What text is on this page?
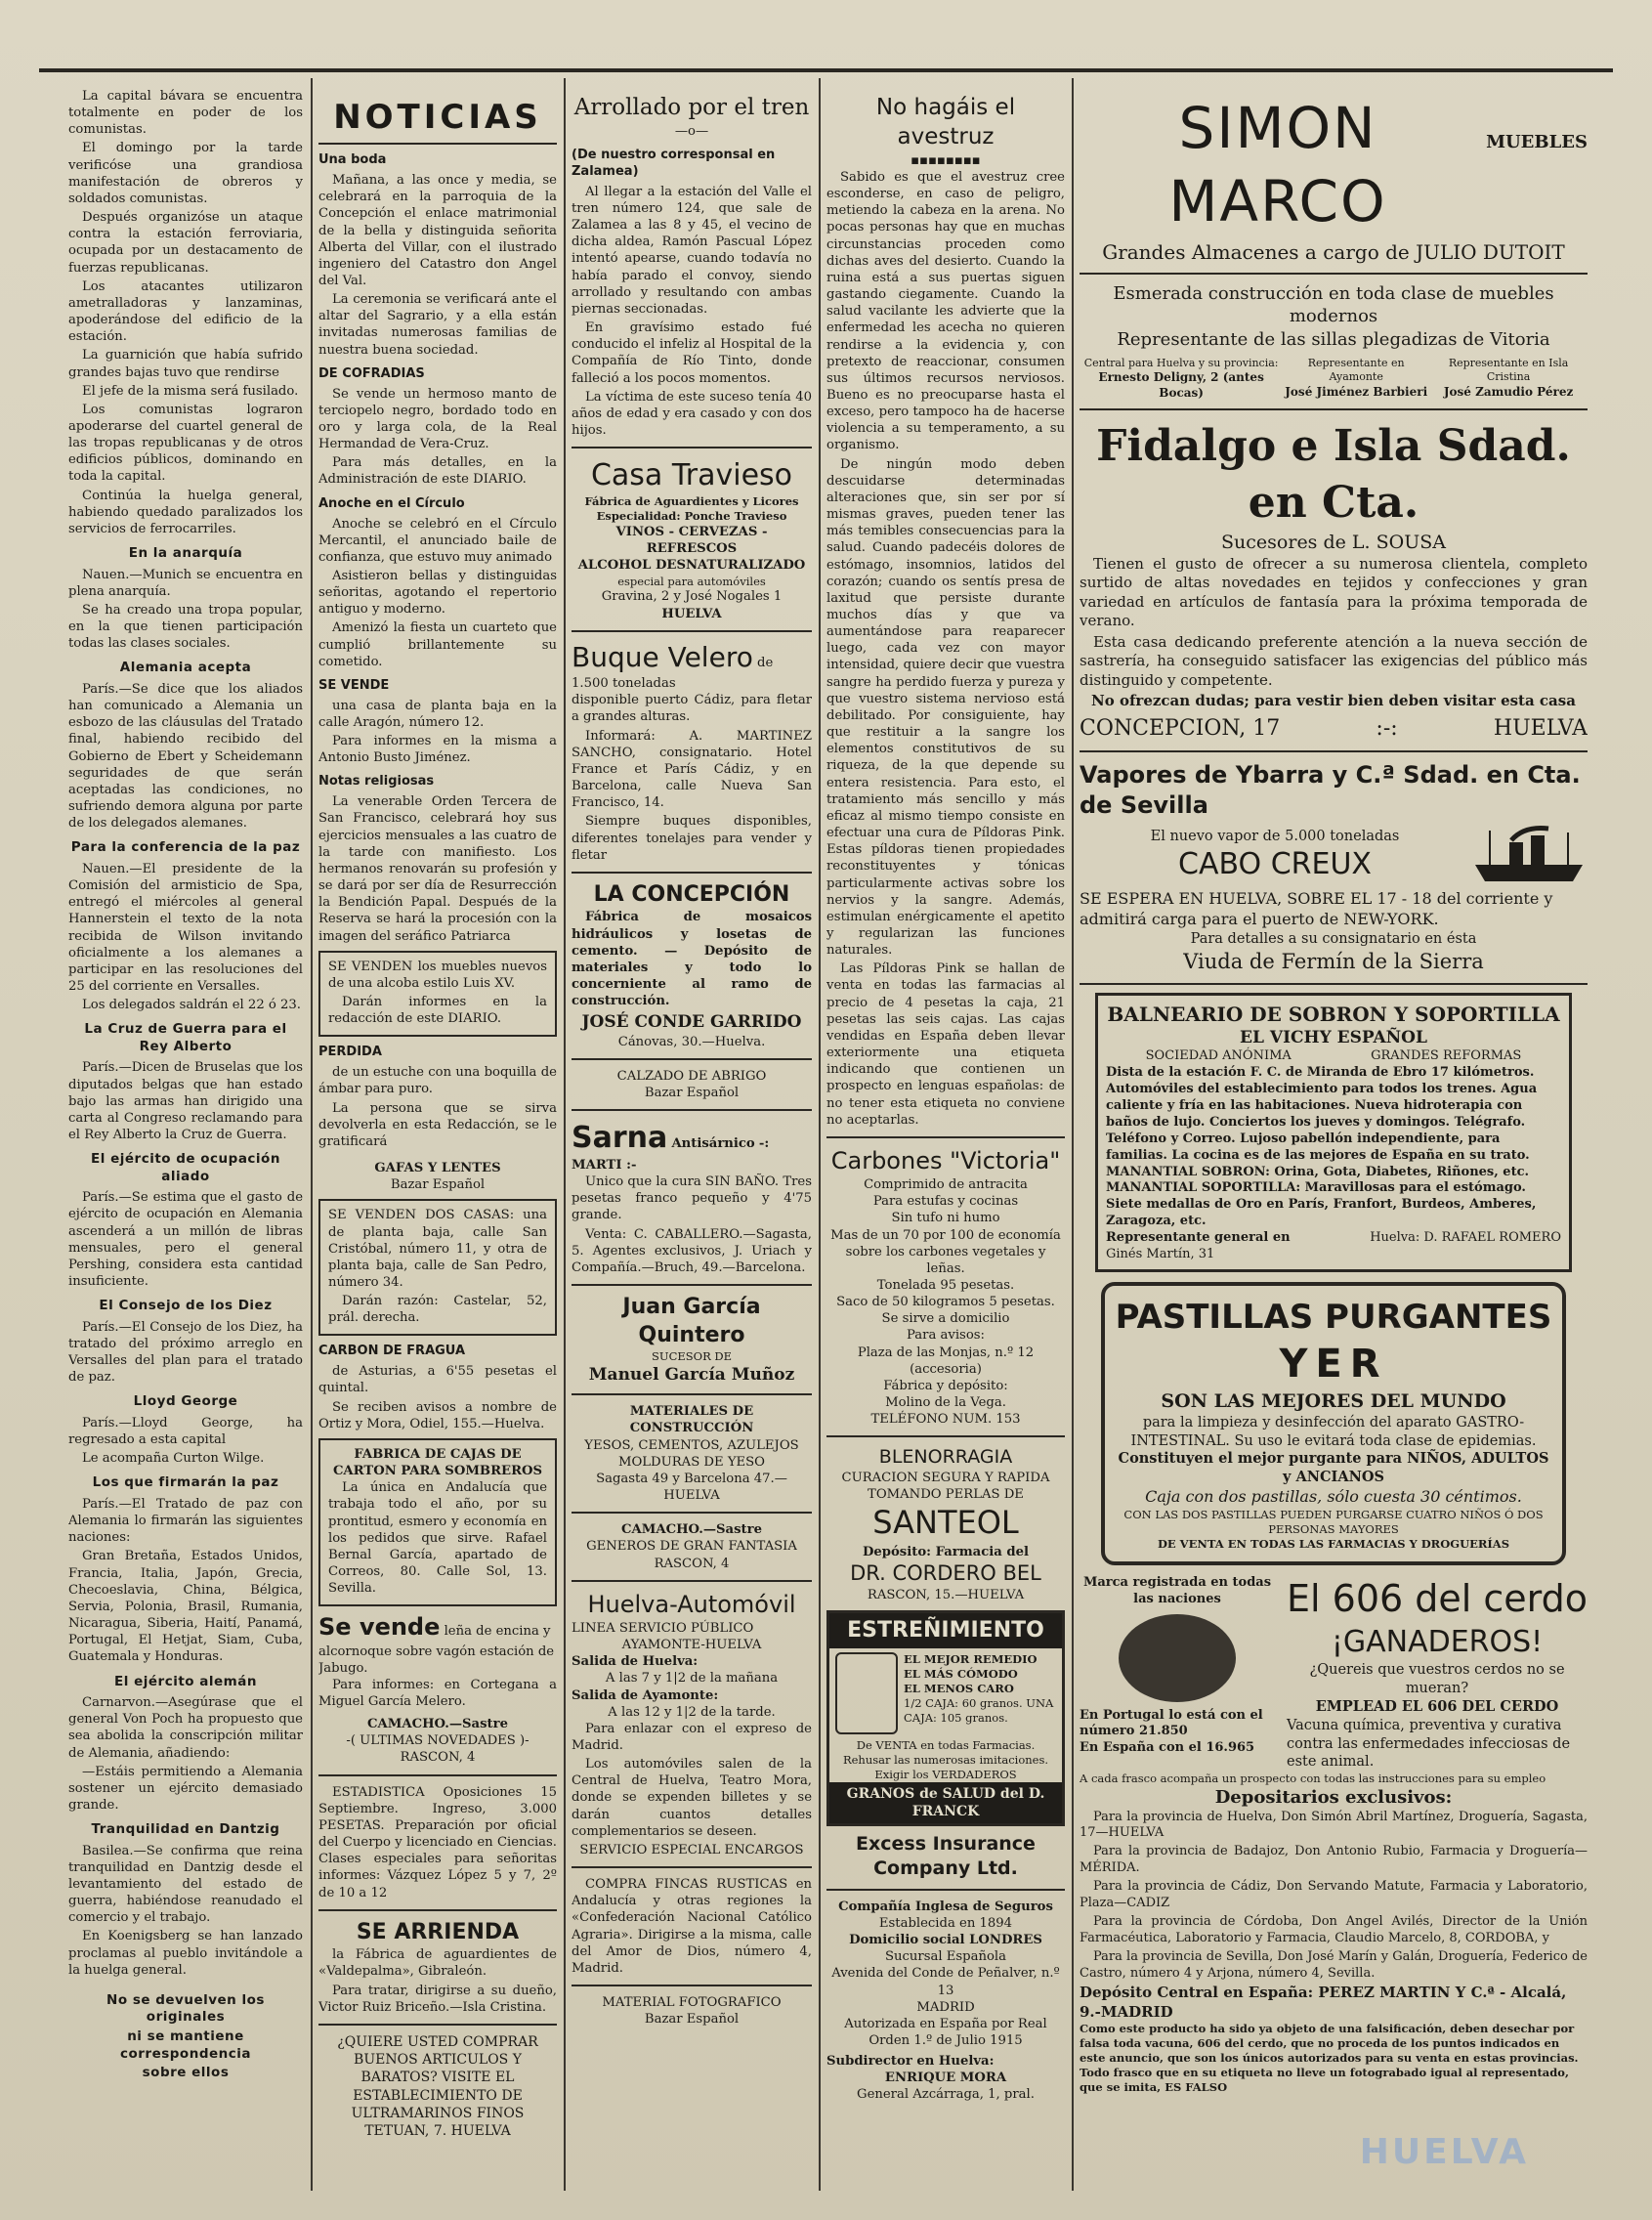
La capital bávara se encuentra totalmente en poder de los comunistas.

El domingo por la tarde verificóse una grandiosa manifestación de obreros y soldados comunistas.

Después organizóse un ataque contra la estación ferroviaria, ocupada por un destacamento de fuerzas republicanas.

Los atacantes utilizaron ametralladoras y lanzaminas, apoderándose del edificio de la estación.

La guarnición que había sufrido grandes bajas tuvo que rendirse

El jefe de la misma será fusilado.

Los comunistas lograron apoderarse del cuartel general de las tropas republicanas y de otros edificios públicos, dominando en toda la capital.

Continúa la huelga general, habiendo quedado paralizados los servicios de ferrocarriles.

En la anarquía

Nauen.—Munich se encuentra en plena anarquía.

Se ha creado una tropa popular, en la que tienen participación todas las clases sociales.

Alemania acepta

París.—Se dice que los aliados han comunicado a Alemania un esbozo de las cláusulas del Tratado final, habiendo recibido del Gobierno de Ebert y Scheidemann seguridades de que serán aceptadas las condiciones, no sufriendo demora alguna por parte de los delegados alemanes.

Para la conferencia de la paz

Nauen.—El presidente de la Comisión del armisticio de Spa, entregó el miércoles al general Hannerstein el texto de la nota recibida de Wilson invitando oficialmente a los alemanes a participar en las resoluciones del 25 del corriente en Versalles.

Los delegados saldrán el 22 ó 23.

La Cruz de Guerra para el Rey Alberto

París.—Dicen de Bruselas que los diputados belgas que han estado bajo las armas han dirigido una carta al Congreso reclamando para el Rey Alberto la Cruz de Guerra.

El ejército de ocupación aliado

París.—Se estima que el gasto de ejército de ocupación en Alemania ascenderá a un millón de libras mensuales, pero el general Pershing, considera esta cantidad insuficiente.

El Consejo de los Diez

París.—El Consejo de los Diez, ha tratado del próximo arreglo en Versalles del plan para el tratado de paz.

Lloyd George

París.—Lloyd George, ha regresado a esta capital

Le acompaña Curton Wilge.

Los que firmarán la paz

París.—El Tratado de paz con Alemania lo firmarán las siguientes naciones:

Gran Bretaña, Estados Unidos, Francia, Italia, Japón, Grecia, Checoeslavia, China, Bélgica, Servia, Polonia, Brasil, Rumania, Nicaragua, Siberia, Haití, Panamá, Portugal, El Hetjat, Siam, Cuba, Guatemala y Honduras.

El ejército alemán

Carnarvon.—Asegúrase que el general Von Poch ha propuesto que sea abolida la conscripción militar de Alemania, añadiendo:

—Estáis permitiendo a Alemania sostener un ejército demasiado grande.

Tranquilidad en Dantzig

Basilea.—Se confirma que reina tranquilidad en Dantzig desde el levantamiento del estado de guerra, habiéndose reanudado el comercio y el trabajo.

En Koenigsberg se han lanzado proclamas al pueblo invitándole a la huelga general.

No se devuelven los originales
ni se mantiene correspondencia
sobre ellos
NOTICIAS
Una boda

Mañana, a las once y media, se celebrará en la parroquia de la Concepción el enlace matrimonial de la bella y distinguida señorita Alberta del Villar, con el ilustrado ingeniero del Catastro don Angel del Val.

La ceremonia se verificará ante el altar del Sagrario, y a ella están invitadas numerosas familias de nuestra buena sociedad.

DE COFRADIAS

Se vende un hermoso manto de terciopelo negro, bordado todo en oro y larga cola, de la Real Hermandad de Vera-Cruz.

Para más detalles, en la Administración de este DIARIO.

Anoche en el Círculo

Anoche se celebró en el Círculo Mercantil, el anunciado baile de confianza, que estuvo muy animado

Asistieron bellas y distinguidas señoritas, agotando el repertorio antiguo y moderno.

Amenizó la fiesta un cuarteto que cumplió brillantemente su cometido.

SE VENDE

una casa de planta baja en la calle Aragón, número 12.

Para informes en la misma a Antonio Busto Jiménez.

Notas religiosas

La venerable Orden Tercera de San Francisco, celebrará hoy sus ejercicios mensuales a las cuatro de la tarde con manifiesto. Los hermanos renovarán su profesión y se dará por ser día de Resurrección la Bendición Papal. Después de la Reserva se hará la procesión con la imagen del seráfico Patriarca

SE VENDEN los muebles nuevos de una alcoba estilo Luis XV.

Darán informes en la redacción de este DIARIO.

PERDIDA

de un estuche con una boquilla de ámbar para puro.

La persona que se sirva devolverla en esta Redacción, se le gratificará

GAFAS Y LENTES
Bazar Español

SE VENDEN DOS CASAS: una de planta baja, calle San Cristóbal, número 11, y otra de planta baja, calle de San Pedro, número 34.

Darán razón: Castelar, 52, prál. derecha.

CARBON DE FRAGUA

de Asturias, a 6'55 pesetas el quintal.

Se reciben avisos a nombre de Ortiz y Mora, Odiel, 155.—Huelva.

FABRICA DE CAJAS DE CARTON PARA SOMBREROS

La única en Andalucía que trabaja todo el año, por su prontitud, esmero y economía en los pedidos que sirve. Rafael Bernal García, apartado de Correos, 80. Calle Sol, 13. Sevilla.

Se vende leña de encina y alcornoque sobre vagón estación de Jabugo.

Para informes: en Cortegana a Miguel García Melero.

CAMACHO.—Sastre
-( ULTIMAS NOVEDADES )-
RASCON, 4

ESTADISTICA Oposiciones 15 Septiembre. Ingreso, 3.000 PESETAS. Preparación por oficial del Cuerpo y licenciado en Ciencias. Clases especiales para señoritas informes: Vázquez López 5 y 7, 2º de 10 a 12

SE ARRIENDA

la Fábrica de aguardientes de «Valdepalma», Gibraleón.

Para tratar, dirigirse a su dueño, Victor Ruiz Briceño.—Isla Cristina.

¿QUIERE USTED COMPRAR BUENOS ARTICULOS Y BARATOS? VISITE EL ESTABLECIMIENTO DE ULTRAMARINOS FINOS TETUAN, 7. HUELVA
Arrollado por el tren
—o—
(De nuestro corresponsal en Zalamea)

Al llegar a la estación del Valle el tren número 124, que sale de Zalamea a las 8 y 45, el vecino de dicha aldea, Ramón Pascual López intentó apearse, cuando todavía no había parado el convoy, siendo arrollado y resultando con ambas piernas seccionadas.

En gravísimo estado fué conducido el infeliz al Hospital de la Compañía de Río Tinto, donde falleció a los pocos momentos.

La víctima de este suceso tenía 40 años de edad y era casado y con dos hijos.

Casa Travieso
Fábrica de Aguardientes y Licores
Especialidad: Ponche Travieso
VINOS - CERVEZAS - REFRESCOS
ALCOHOL DESNATURALIZADO
especial para automóviles
Gravina, 2 y José Nogales 1
HUELVA
Buque Velero de 1.500 toneladas

disponible puerto Cádiz, para fletar a grandes alturas.

Informará: A. MARTINEZ SANCHO, consignatario. Hotel France et París Cádiz, y en Barcelona, calle Nueva San Francisco, 14.

Siempre buques disponibles, diferentes tonelajes para vender y fletar

LA CONCEPCIÓN

Fábrica de mosaicos hidráulicos y losetas de cemento. — Depósito de materiales y todo lo concerniente al ramo de construcción.

JOSÉ CONDE GARRIDO
Cánovas, 30.—Huelva.
CALZADO DE ABRIGO
Bazar Español
Sarna Antisárnico -: MARTI :-

Unico que la cura SIN BAÑO. Tres pesetas franco pequeño y 4'75 grande.

Venta: C. CABALLERO.—Sagasta, 5. Agentes exclusivos, J. Uriach y Compañía.—Bruch, 49.—Barcelona.

Juan García Quintero
SUCESOR DE
Manuel García Muñoz
MATERIALES DE CONSTRUCCIÓN
YESOS, CEMENTOS, AZULEJOS
MOLDURAS DE YESO
Sagasta 49 y Barcelona 47.—HUELVA
CAMACHO.—Sastre
GENEROS DE GRAN FANTASIA
RASCON, 4
Huelva-Automóvil
LINEA SERVICIO PÚBLICO
AYAMONTE-HUELVA
Salida de Huelva:
A las 7 y 1|2 de la mañana
Salida de Ayamonte:
A las 12 y 1|2 de la tarde.

Para enlazar con el expreso de Madrid.

Los automóviles salen de la Central de Huelva, Teatro Mora, donde se expenden billetes y se darán cuantos detalles complementarios se deseen.

SERVICIO ESPECIAL ENCARGOS

COMPRA FINCAS RUSTICAS en Andalucía y otras regiones la «Confederación Nacional Católico Agraria». Dirigirse a la misma, calle del Amor de Dios, número 4, Madrid.

MATERIAL FOTOGRAFICO
Bazar Español
No hagáis el avestruz
▪▪▪▪▪▪▪▪

Sabido es que el avestruz cree esconderse, en caso de peligro, metiendo la cabeza en la arena. No pocas personas hay que en muchas circunstancias proceden como dichas aves del desierto. Cuando la ruina está a sus puertas siguen gastando ciegamente. Cuando la salud vacilante les advierte que la enfermedad les acecha no quieren rendirse a la evidencia y, con pretexto de reaccionar, consumen sus últimos recursos nerviosos. Bueno es no preocuparse hasta el exceso, pero tampoco ha de hacerse violencia a su temperamento, a su organismo.

De ningún modo deben descuidarse determinadas alteraciones que, sin ser por sí mismas graves, pueden tener las más temibles consecuencias para la salud. Cuando padecéis dolores de estómago, insomnios, latidos del corazón; cuando os sentís presa de laxitud que persiste durante muchos días y que va aumentándose para reaparecer luego, cada vez con mayor intensidad, quiere decir que vuestra sangre ha perdido fuerza y pureza y que vuestro sistema nervioso está debilitado. Por consiguiente, hay que restituir a la sangre los elementos constitutivos de su riqueza, de la que depende su entera resistencia. Para esto, el tratamiento más sencillo y más eficaz al mismo tiempo consiste en efectuar una cura de Píldoras Pink. Estas píldoras tienen propiedades reconstituyentes y tónicas particularmente activas sobre los nervios y la sangre. Además, estimulan enérgicamente el apetito y regularizan las funciones naturales.

Las Píldoras Pink se hallan de venta en todas las farmacias al precio de 4 pesetas la caja, 21 pesetas las seis cajas. Las cajas vendidas en España deben llevar exteriormente una etiqueta indicando que contienen un prospecto en lenguas españolas: de no tener esta etiqueta no conviene no aceptarlas.

Carbones "Victoria"
Comprimido de antracita
Para estufas y cocinas
Sin tufo ni humo
Mas de un 70 por 100 de economía sobre los carbones vegetales y leñas.
Tonelada 95 pesetas.
Saco de 50 kilogramos 5 pesetas.
Se sirve a domicilio
Para avisos:
Plaza de las Monjas, n.º 12 (accesoria)
Fábrica y depósito:
Molino de la Vega.
TELÉFONO NUM. 153
BLENORRAGIA
CURACION SEGURA Y RAPIDA
TOMANDO PERLAS DE
SANTEOL
Depósito: Farmacia del
DR. CORDERO BEL
RASCON, 15.—HUELVA
ESTREÑIMIENTO
EL MEJOR REMEDIO
EL MÁS CÓMODO
EL MENOS CARO
1/2 CAJA: 60 granos. UNA CAJA: 105 granos.
De VENTA en todas Farmacias. Rehusar las numerosas imitaciones. Exigir los VERDADEROS
GRANOS de SALUD del D. FRANCK
Excess Insurance Company Ltd.
Compañía Inglesa de Seguros
Establecida en 1894
Domicilio social LONDRES
Sucursal Española
Avenida del Conde de Peñalver, n.º 13
MADRID
Autorizada en España por Real Orden 1.º de Julio 1915
Subdirector en Huelva:
ENRIQUE MORA
General Azcárraga, 1, pral.
SIMON MARCO
MUEBLES
Grandes Almacenes a cargo de JULIO DUTOIT
Esmerada construcción en toda clase de muebles modernos
Representante de las sillas plegadizas de Vitoria
Central para Huelva y su provincia:
Ernesto Deligny, 2 (antes Bocas)
Representante en Ayamonte
José Jiménez Barbieri
Representante en Isla Cristina
José Zamudio Pérez
Fidalgo e Isla Sdad. en Cta.
Sucesores de L. SOUSA

Tienen el gusto de ofrecer a su numerosa clientela, completo surtido de altas novedades en tejidos y confecciones y gran variedad en artículos de fantasía para la próxima temporada de verano.

Esta casa dedicando preferente atención a la nueva sección de sastrería, ha conseguido satisfacer las exigencias del público más distinguido y competente.

No ofrezcan dudas; para vestir bien deben visitar esta casa
CONCEPCION, 17	:-:	HUELVA
Vapores de Ybarra y C.ª Sdad. en Cta. de Sevilla
El nuevo vapor de 5.000 toneladas
CABO CREUX
SE ESPERA EN HUELVA, SOBRE EL 17 - 18 del corriente y admitirá carga para el puerto de NEW-YORK.
Para detalles a su consignatario en ésta
Viuda de Fermín de la Sierra
BALNEARIO DE SOBRON Y SOPORTILLA
EL VICHY ESPAÑOL
SOCIEDAD ANÓNIMA	GRANDES REFORMAS
Dista de la estación F. C. de Miranda de Ebro 17 kilómetros. Automóviles del establecimiento para todos los trenes. Agua caliente y fría en las habitaciones. Nueva hidroterapia con baños de lujo. Conciertos los jueves y domingos. Telégrafo. Teléfono y Correo. Lujoso pabellón independiente, para familias. La cocina es de las mejores de España en su trato.
MANANTIAL SOBRON: Orina, Gota, Diabetes, Riñones, etc.
MANANTIAL SOPORTILLA: Maravillosas para el estómago.
Siete medallas de Oro en París, Franfort, Burdeos, Amberes, Zaragoza, etc.
Representante general en	Huelva: D. RAFAEL ROMERO
Ginés Martín, 31
PASTILLAS PURGANTES
YER
SON LAS MEJORES DEL MUNDO
para la limpieza y desinfección del aparato GASTRO-INTESTINAL. Su uso le evitará toda clase de epidemias.
Constituyen el mejor purgante para NIÑOS, ADULTOS y ANCIANOS
Caja con dos pastillas, sólo cuesta 30 céntimos.
CON LAS DOS PASTILLAS PUEDEN PURGARSE CUATRO NIÑOS Ó DOS PERSONAS MAYORES
DE VENTA EN TODAS LAS FARMACIAS Y DROGUERÍAS
Marca registrada en todas las naciones
En Portugal lo está con el número 21.850
En España con el 16.965
El 606 del cerdo
¡GANADEROS!
¿Quereis que vuestros cerdos no se mueran?
EMPLEAD EL 606 DEL CERDO
Vacuna química, preventiva y curativa contra las enfermedades infecciosas de este animal.
A cada frasco acompaña un prospecto con todas las instrucciones para su empleo
Depositarios exclusivos:

Para la provincia de Huelva, Don Simón Abril Martínez, Droguería, Sagasta, 17—HUELVA

Para la provincia de Badajoz, Don Antonio Rubio, Farmacia y Droguería—MÉRIDA.

Para la provincia de Cádiz, Don Servando Matute, Farmacia y Laboratorio, Plaza—CADIZ

Para la provincia de Córdoba, Don Angel Avilés, Director de la Unión Farmacéutica, Laboratorio y Farmacia, Claudio Marcelo, 8, CORDOBA, y

Para la provincia de Sevilla, Don José Marín y Galán, Droguería, Federico de Castro, número 4 y Arjona, número 4, Sevilla.

Depósito Central en España: PEREZ MARTIN Y C.ª - Alcalá, 9.-MADRID
Como este producto ha sido ya objeto de una falsificación, deben desechar por falsa toda vacuna, 606 del cerdo, que no proceda de los puntos indicados en este anuncio, que son los únicos autorizados para su venta en estas provincias. Todo frasco que en su etiqueta no lleve un fotograbado igual al representado, que se imita, ES FALSO
HUELVA
